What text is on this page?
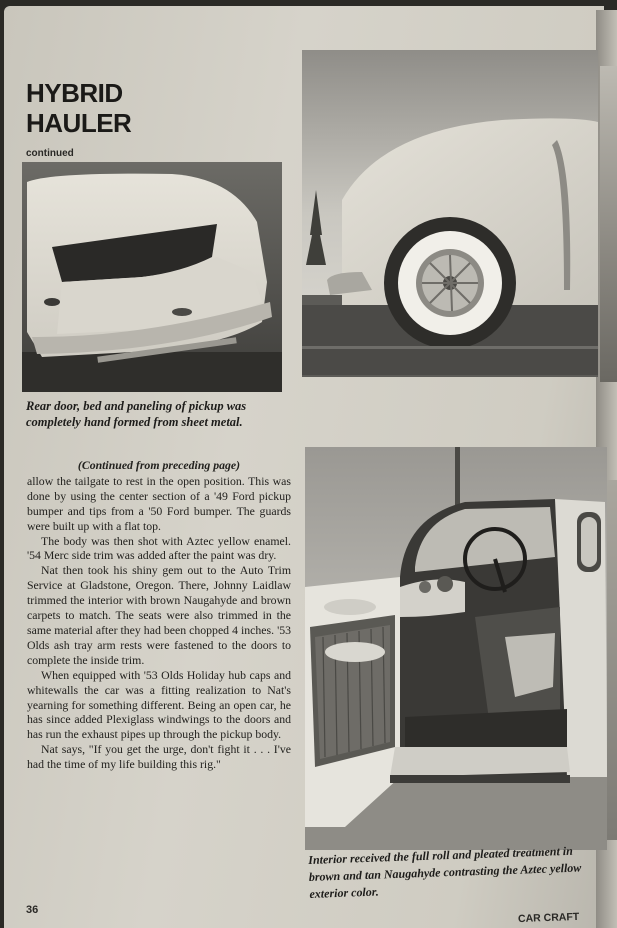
HYBRID
HAULER
continued

Rear door, bed and paneling of pickup was completely hand formed from sheet metal.

(Continued from preceding page)

allow the tailgate to rest in the open position. This was done by using the center section of a '49 Ford pickup bumper and tips from a '50 Ford bumper. The guards were built up with a flat top.

The body was then shot with Aztec yellow enamel. '54 Merc side trim was added after the paint was dry.

Nat then took his shiny gem out to the Auto Trim Service at Gladstone, Oregon. There, Johnny Laidlaw trimmed the interior with brown Naugahyde and brown carpets to match. The seats were also trimmed in the same material after they had been chopped 4 inches. '53 Olds ash tray arm rests were fastened to the doors to complete the inside trim.

When equipped with '53 Olds Holiday hub caps and whitewalls the car was a fitting realization to Nat's yearning for something different. Being an open car, he has since added Plexiglass windwings to the doors and has run the exhaust pipes up through the pickup body.

Nat says, "If you get the urge, don't fight it . . . I've had the time of my life building this rig."

Interior received the full roll and pleated treatment in brown and tan Naugahyde contrasting the Aztec yellow exterior color.

36
CAR CRAFT
